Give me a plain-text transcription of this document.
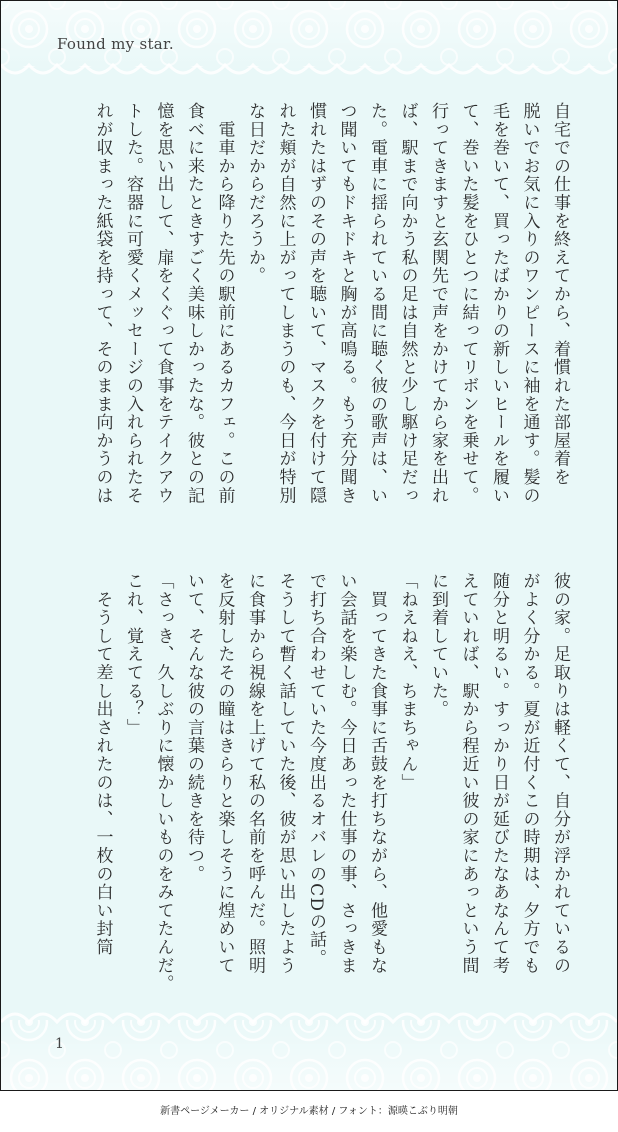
Found my star.
自宅での仕事を終えてから、着慣れた部屋着を
脱いでお気に入りのワンピースに袖を通す。髪の
毛を巻いて、買ったばかりの新しいヒールを履い
て、巻いた髪をひとつに結ってリボンを乗せて。
行ってきますと玄関先で声をかけてから家を出れ
ば、駅まで向かう私の足は自然と少し駆け足だっ
た。電車に揺られている間に聴く彼の歌声は、い
つ聞いてもドキドキと胸が高鳴る。もう充分聞き
慣れたはずのその声を聴いて、マスクを付けて隠
れた頬が自然に上がってしまうのも、今日が特別
な日だからだろうか。
　電車から降りた先の駅前にあるカフェ。この前
食べに来たときすごく美味しかったな。彼との記
憶を思い出して、扉をくぐって食事をテイクアウ
トした。容器に可愛くメッセージの入れられたそ
れが収まった紙袋を持って、そのまま向かうのは
彼の家。足取りは軽くて、自分が浮かれているの
がよく分かる。夏が近付くこの時期は、夕方でも
随分と明るい。すっかり日が延びたなあなんて考
えていれば、駅から程近い彼の家にあっという間
に到着していた。
「ねえねえ、ちまちゃん」
　買ってきた食事に舌鼓を打ちながら、他愛もな
い会話を楽しむ。今日あった仕事の事、さっきま
で打ち合わせていた今度出るオバレのCDの話。
そうして暫く話していた後、彼が思い出したよう
に食事から視線を上げて私の名前を呼んだ。照明
を反射したその瞳はきらりと楽しそうに煌めいて
いて、そんな彼の言葉の続きを待つ。
「さっき、久しぶりに懐かしいものをみてたんだ。
これ、覚えてる？」
　そうして差し出されたのは、一枚の白い封筒
1
新書ページメーカー / オリジナル素材 / フォント：源暎こぶり明朝
